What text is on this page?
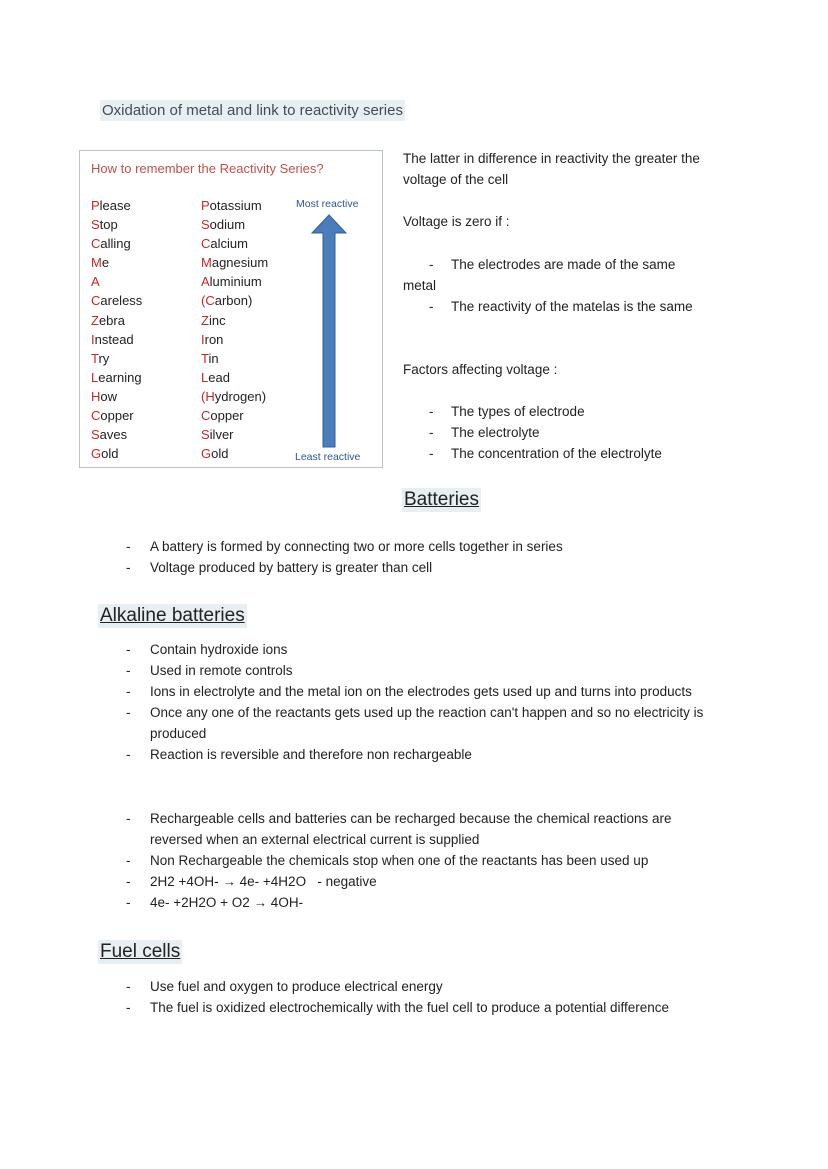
Oxidation of metal and link to reactivity series
How to remember the Reactivity Series?
Please
Stop
Calling
Me
A
Careless
Zebra
Instead
Try
Learning
How
Copper
Saves
Gold
Potassium
Sodium
Calcium
Magnesium
Aluminium
(Carbon)
Zinc
Iron
Tin
Lead
(Hydrogen)
Copper
Silver
Gold
Most reactive
Least reactive
The latter in difference in reactivity the greater the voltage of the cell
Voltage is zero if :
- The electrodes are made of the same
metal
- The reactivity of the matelas is the same
Factors affecting voltage :
- The types of electrode
- The electrolyte
- The concentration of the electrolyte
Batteries
- A battery is formed by connecting two or more cells together in series
- Voltage produced by battery is greater than cell
Alkaline batteries
- Contain hydroxide ions
- Used in remote controls
- Ions in electrolyte and the metal ion on the electrodes gets used up and turns into products
- Once any one of the reactants gets used up the reaction can't happen and so no electricity is produced
- Reaction is reversible and therefore non rechargeable
- Rechargeable cells and batteries can be recharged because the chemical reactions are reversed when an external electrical current is supplied
- Non Rechargeable the chemicals stop when one of the reactants has been used up
- 2H2 +4OH- → 4e- +4H2O   - negative
- 4e- +2H2O + O2 → 4OH-
Fuel cells
- Use fuel and oxygen to produce electrical energy
- The fuel is oxidized electrochemically with the fuel cell to produce a potential difference
